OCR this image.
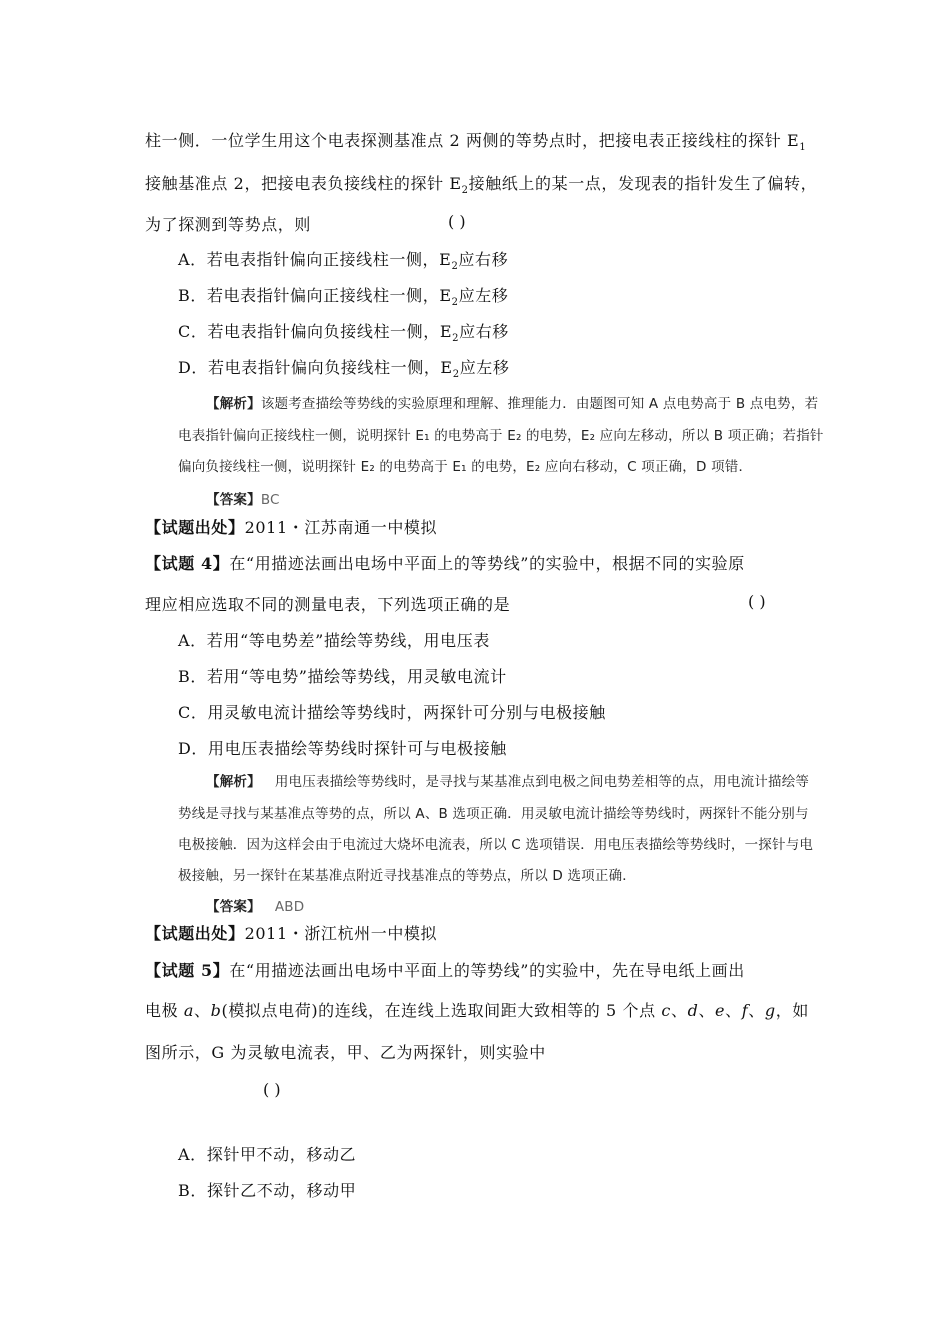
柱一侧．一位学生用这个电表探测基准点 2 两侧的等势点时，把接电表正接线柱的探针 $E_1$
接触基准点 2，把接电表负接线柱的探针 $E_2$接触纸上的某一点，发现表的指针发生了偏转，
为了探测到等势点，则	( )
A．若电表指针偏向正接线柱一侧，$E_2$应右移
B．若电表指针偏向正接线柱一侧，$E_2$应左移
C．若电表指针偏向负接线柱一侧，$E_2$应右移
D．若电表指针偏向负接线柱一侧，$E_2$应左移
【解析】该题考查描绘等势线的实验原理和理解、推理能力．由题图可知 A 点电势高于 B 点电势，若
电表指针偏向正接线柱一侧，说明探针 E₁ 的电势高于 E₂ 的电势，E₂ 应向左移动，所以 B 项正确；若指针
偏向负接线柱一侧，说明探针 E₂ 的电势高于 E₁ 的电势，E₂ 应向右移动，C 项正确，D 项错．
【答案】BC
【试题出处】2011・江苏南通一中模拟
【试题 4】在“用描迹法画出电场中平面上的等势线”的实验中，根据不同的实验原
理应相应选取不同的测量电表，下列选项正确的是	( )
A．若用“等电势差”描绘等势线，用电压表
B．若用“等电势”描绘等势线，用灵敏电流计
C．用灵敏电流计描绘等势线时，两探针可分别与电极接触
D．用电压表描绘等势线时探针可与电极接触
【解析】 用电压表描绘等势线时，是寻找与某基准点到电极之间电势差相等的点，用电流计描绘等
势线是寻找与某基准点等势的点，所以 A、B 选项正确．用灵敏电流计描绘等势线时，两探针不能分别与
电极接触．因为这样会由于电流过大烧坏电流表，所以 C 选项错误．用电压表描绘等势线时，一探针与电
极接触，另一探针在某基准点附近寻找基准点的等势点，所以 D 选项正确．
【答案】 ABD
【试题出处】2011・浙江杭州一中模拟
【试题 5】在“用描迹法画出电场中平面上的等势线”的实验中，先在导电纸上画出
电极 a、b(模拟点电荷)的连线，在连线上选取间距大致相等的 5 个点 c、d、e、f、g，如
图所示，G 为灵敏电流表，甲、乙为两探针，则实验中
( )
A．探针甲不动，移动乙
B．探针乙不动，移动甲
